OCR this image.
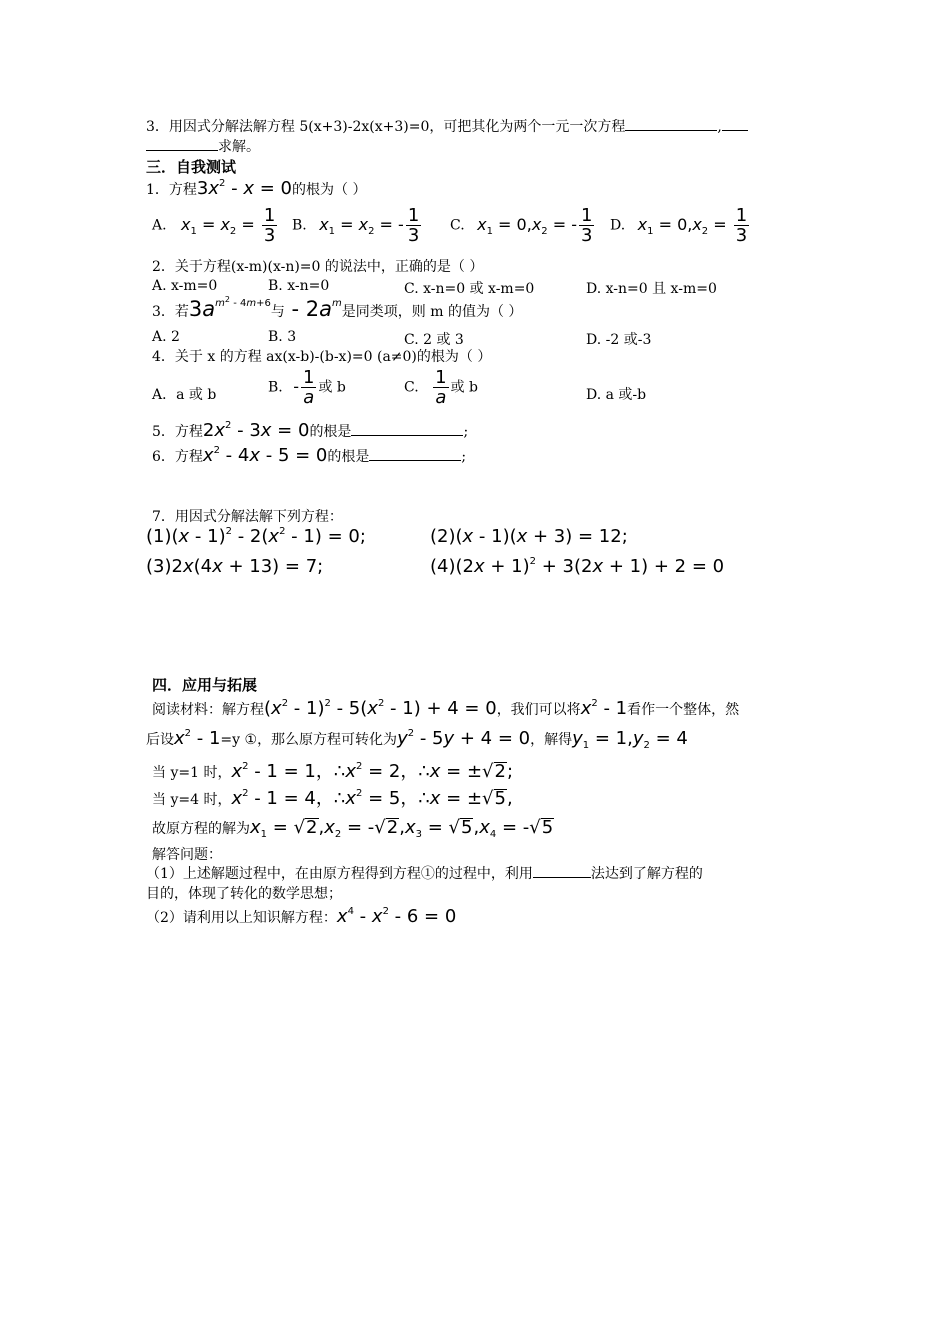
3．用因式分解法解方程 5(x+3)-2x(x+3)=0，可把其化为两个一元一次方程	,
求解。
三．自我测试
1．方程$3x^2 - x = 0$的根为（ ）
A. $x_1 = x_2 = \frac{1}{3} B$. $x_1 = x_2$ = - $\frac{1}{3} C$. $x_1 = 0,x_2$ = - $\frac{1}{3} D$. $x_1 = 0,x_2 = \frac{1}{3}$
2．关于方程(x-m)(x-n)=0 的说法中，正确的是（ ）
A. x-m=0	B. x-n=0	C. x-n=0 或 x-m=0	D. x-n=0 且 x-m=0
3．若$3a^{m^2 - 4m+6}$与 - $2a^m$是同类项，则 m 的值为（ ）
A. 2	B. 3	C. 2 或 3	D. -2 或-3
4．关于 x 的方程 ax(x-b)-(b-x)=0 (a≠0)的根为（ ）
A．a 或 b	B. - $\frac{1}{a}$ 或 b	C. $\frac{1}{a}$ 或 b	D. a 或-b
5．方程$2x^2 - 3x = 0$的根是	;
6．方程$x^2 - 4x - 5 = 0$的根是	;
7．用因式分解法解下列方程：
$(1)(x - 1)^2 - 2(x^2 - 1) = 0$;	(2)(x - 1)(x + 3) = 12;
(3)2x(4x + 13) = 7;	$(4)(2x + 1)^2 + 3(2x + 1) + 2 = 0$
四．应用与拓展
阅读材料：解方程$(x^2 - 1)^2 - 5(x^2 - 1) + 4 = 0$，我们可以将$x^2 - 1$看作一个整体，然
后设$x^2 - 1=y$ ①，那么原方程可转化为$y^2 - 5y + 4 = 0$，解得$y_1 = 1,y_2 = 4$
当 y=1 时，$x^2 - 1 = 1$，$\therefore x^2 = 2$，∴x = ±√2;
当 y=4 时，$x^2 - 1 = 4$，$\therefore x^2 = 5$，∴x = ±√5,
故原方程的解为$x_1 = √2,x_2 = -√2,x_3 = √5,x_4 = -√5$
解答问题：
（1）上述解题过程中，在由原方程得到方程①的过程中，利用	法达到了解方程的
目的，体现了转化的数学思想；
（2）请利用以上知识解方程：$x^4 - x^2 - 6 = 0$
